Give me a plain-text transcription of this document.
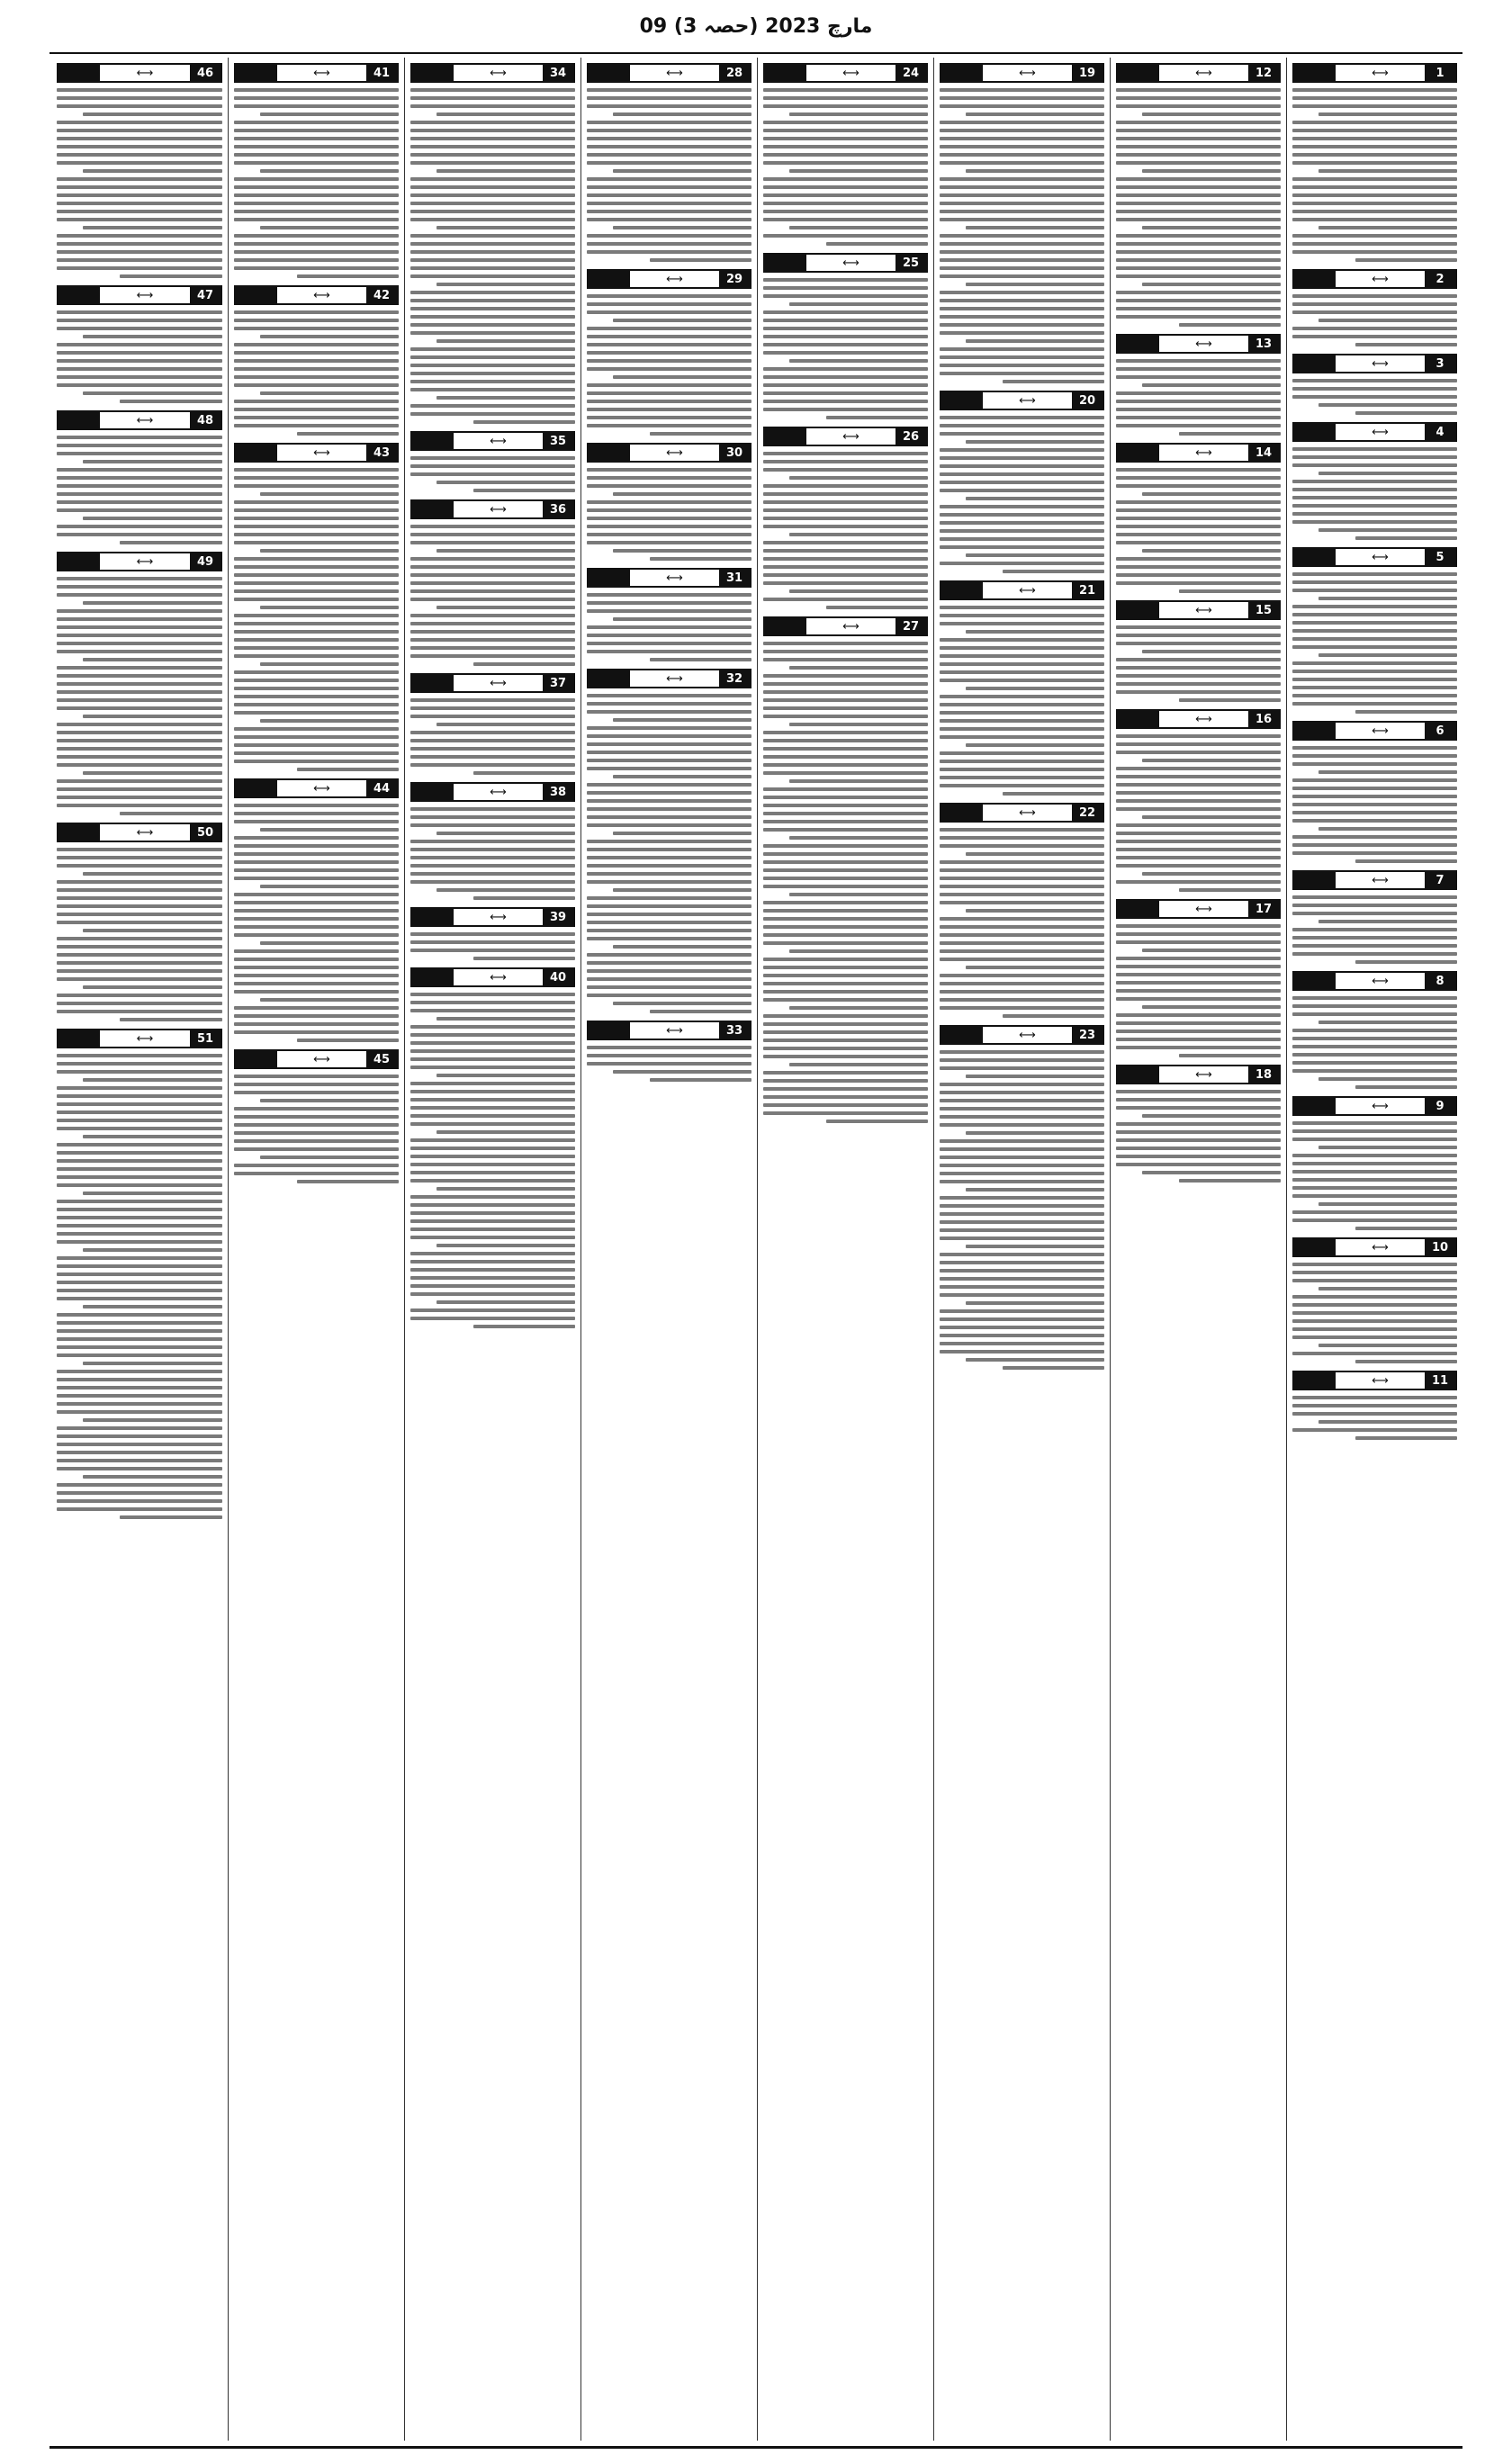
09 مارچ 2023 (حصہ 3)
⟷	1
⟷	2
⟷	3
⟷	4
⟷	5
⟷	6
⟷	7
⟷	8
⟷	9
⟷	10
⟷	11
⟷	12
⟷	13
⟷	14
⟷	15
⟷	16
⟷	17
⟷	18
⟷	19
⟷	20
⟷	21
⟷	22
⟷	23
⟷	24
⟷	25
⟷	26
⟷	27
⟷	28
⟷	29
⟷	30
⟷	31
⟷	32
⟷	33
⟷	34
⟷	35
⟷	36
⟷	37
⟷	38
⟷	39
⟷	40
⟷	41
⟷	42
⟷	43
⟷	44
⟷	45
⟷	46
⟷	47
⟷	48
⟷	49
⟷	50
⟷	51
